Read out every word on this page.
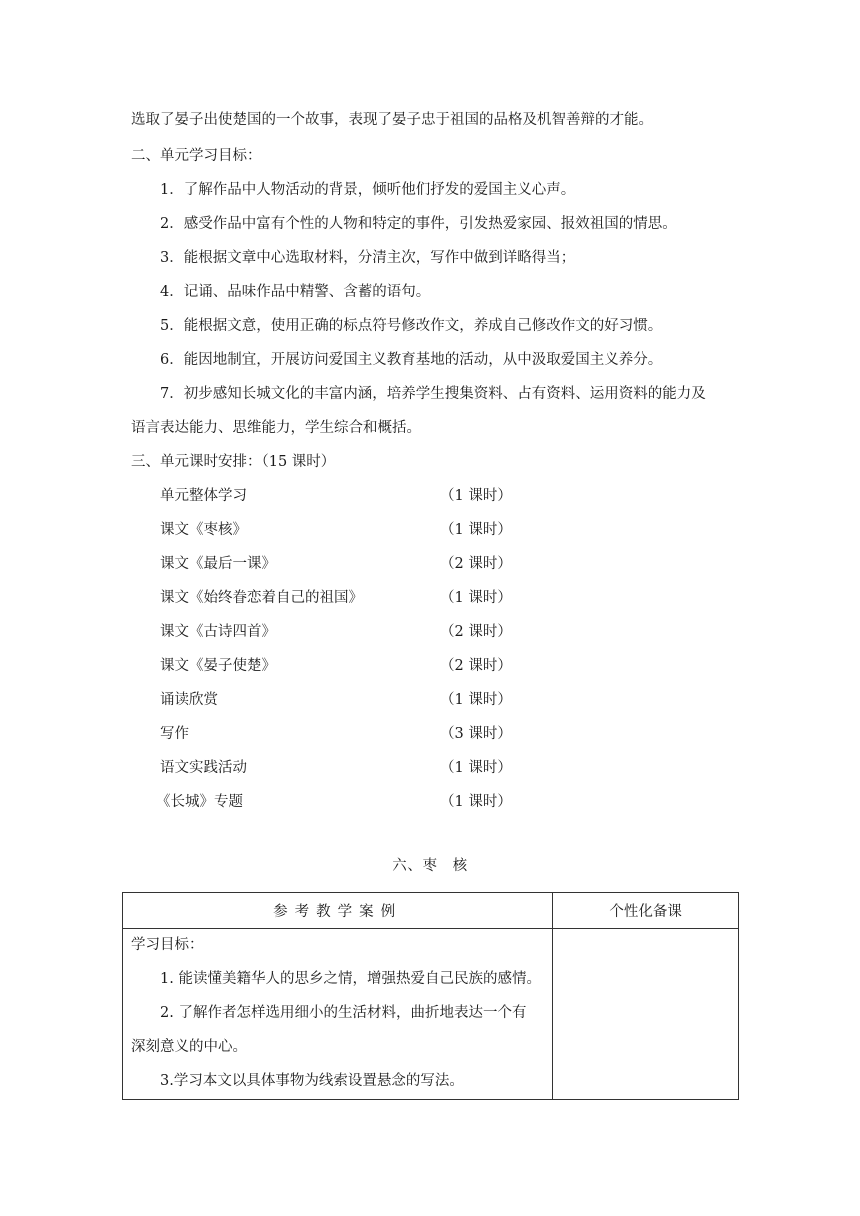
选取了晏子出使楚国的一个故事，表现了晏子忠于祖国的品格及机智善辩的才能。
二、单元学习目标：
1．了解作品中人物活动的背景，倾听他们抒发的爱国主义心声。
2．感受作品中富有个性的人物和特定的事件，引发热爱家园、报效祖国的情思。
3．能根据文章中心选取材料，分清主次，写作中做到详略得当；
4．记诵、品味作品中精警、含蓄的语句。
5．能根据文意，使用正确的标点符号修改作文，养成自己修改作文的好习惯。
6．能因地制宜，开展访问爱国主义教育基地的活动，从中汲取爱国主义养分。
7．初步感知长城文化的丰富内涵，培养学生搜集资料、占有资料、运用资料的能力及
语言表达能力、思维能力，学生综合和概括。
三、单元课时安排：（15 课时）
单元整体学习	（1 课时）
课文《枣核》	（1 课时）
课文《最后一课》	（2 课时）
课文《始终眷恋着自己的祖国》	（1 课时）
课文《古诗四首》	（2 课时）
课文《晏子使楚》	（2 课时）
诵读欣赏	（1 课时）
写作	（3 课时）
语文实践活动	（1 课时）
《长城》专题	（1 课时）
六、枣　核
参考教学案例	个性化备课

学习目标：
1. 能读懂美籍华人的思乡之情，增强热爱自己民族的感情。
2. 了解作者怎样选用细小的生活材料，曲折地表达一个有
深刻意义的中心。
3.学习本文以具体事物为线索设置悬念的写法。	
